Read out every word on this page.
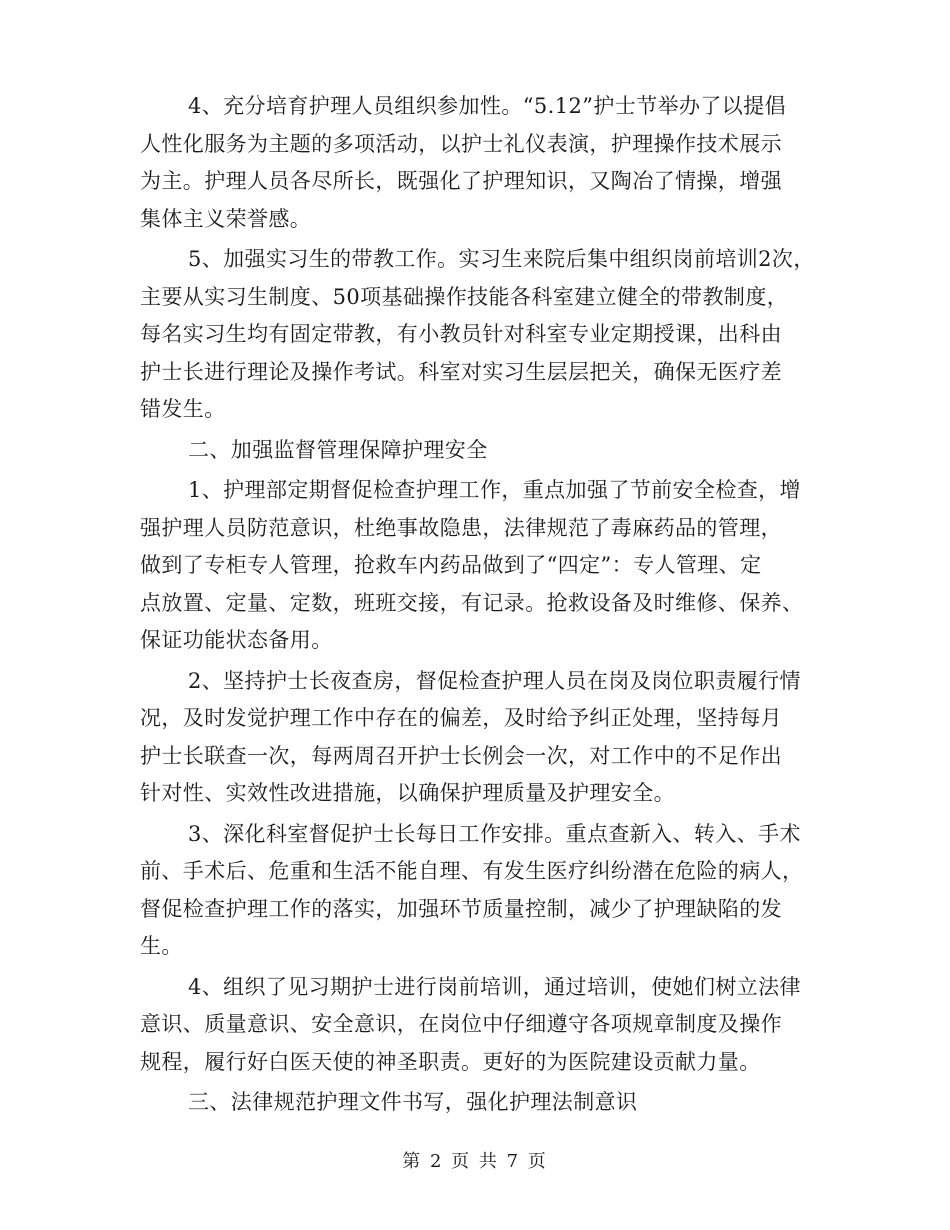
4、充分培育护理人员组织参加性。“5.12”护士节举办了以提倡
人性化服务为主题的多项活动，以护士礼仪表演，护理操作技术展示
为主。护理人员各尽所长，既强化了护理知识，又陶冶了情操，增强
集体主义荣誉感。
5、加强实习生的带教工作。实习生来院后集中组织岗前培训2次，
主要从实习生制度、50项基础操作技能各科室建立健全的带教制度，
每名实习生均有固定带教，有小教员针对科室专业定期授课，出科由
护士长进行理论及操作考试。科室对实习生层层把关，确保无医疗差
错发生。
二、加强监督管理保障护理安全
1、护理部定期督促检查护理工作，重点加强了节前安全检查，增
强护理人员防范意识，杜绝事故隐患，法律规范了毒麻药品的管理，
做到了专柜专人管理，抢救车内药品做到了“四定”：专人管理、定
点放置、定量、定数，班班交接，有记录。抢救设备及时维修、保养、
保证功能状态备用。
2、坚持护士长夜查房，督促检查护理人员在岗及岗位职责履行情
况，及时发觉护理工作中存在的偏差，及时给予纠正处理，坚持每月
护士长联查一次，每两周召开护士长例会一次，对工作中的不足作出
针对性、实效性改进措施，以确保护理质量及护理安全。
3、深化科室督促护士长每日工作安排。重点查新入、转入、手术
前、手术后、危重和生活不能自理、有发生医疗纠纷潜在危险的病人，
督促检查护理工作的落实，加强环节质量控制，减少了护理缺陷的发
生。
4、组织了见习期护士进行岗前培训，通过培训，使她们树立法律
意识、质量意识、安全意识，在岗位中仔细遵守各项规章制度及操作
规程，履行好白医天使的神圣职责。更好的为医院建设贡献力量。
三、法律规范护理文件书写，强化护理法制意识
第 2 页 共 7 页
